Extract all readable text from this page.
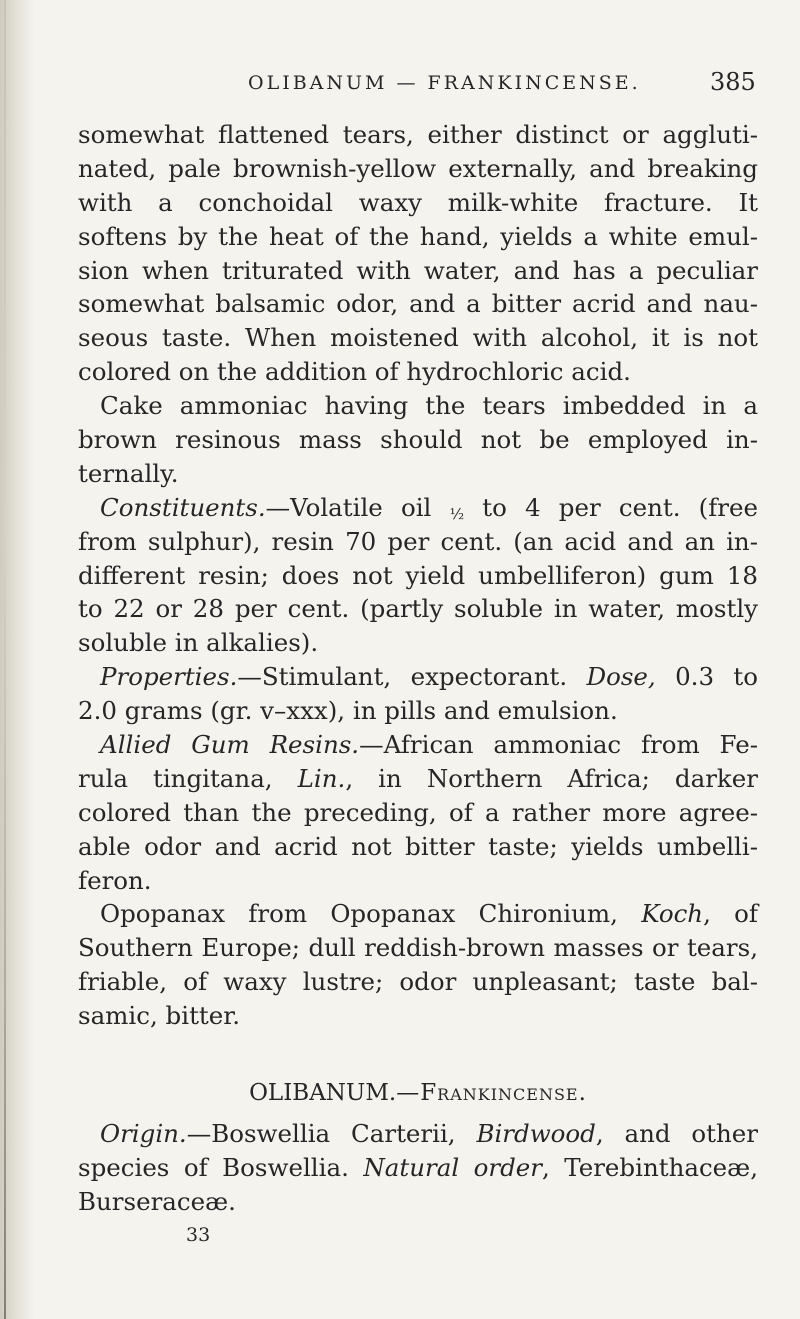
OLIBANUM — FRANKINCENSE.	385
somewhat flattened tears, either distinct or aggluti-
nated, pale brownish-yellow externally, and breaking
with a conchoidal waxy milk-white fracture. It
softens by the heat of the hand, yields a white emul-
sion when triturated with water, and has a peculiar
somewhat balsamic odor, and a bitter acrid and nau-
seous taste. When moistened with alcohol, it is not
colored on the addition of hydrochloric acid.
Cake ammoniac having the tears imbedded in a
brown resinous mass should not be employed in-
ternally.
Constituents.—Volatile oil ½ to 4 per cent. (free
from sulphur), resin 70 per cent. (an acid and an in-
different resin; does not yield umbelliferon) gum 18
to 22 or 28 per cent. (partly soluble in water, mostly
soluble in alkalies).
Properties.—Stimulant, expectorant. Dose, 0.3 to
2.0 grams (gr. v–xxx), in pills and emulsion.
Allied Gum Resins.—African ammoniac from Fe-
rula tingitana, Lin., in Northern Africa; darker
colored than the preceding, of a rather more agree-
able odor and acrid not bitter taste; yields umbelli-
feron.
Opopanax from Opopanax Chironium, Koch, of
Southern Europe; dull reddish-brown masses or tears,
friable, of waxy lustre; odor unpleasant; taste bal-
samic, bitter.
OLIBANUM.—Frankincense.
Origin.—Boswellia Carterii, Birdwood, and other
species of Boswellia. Natural order, Terebinthaceæ,
Burseraceæ.
33
